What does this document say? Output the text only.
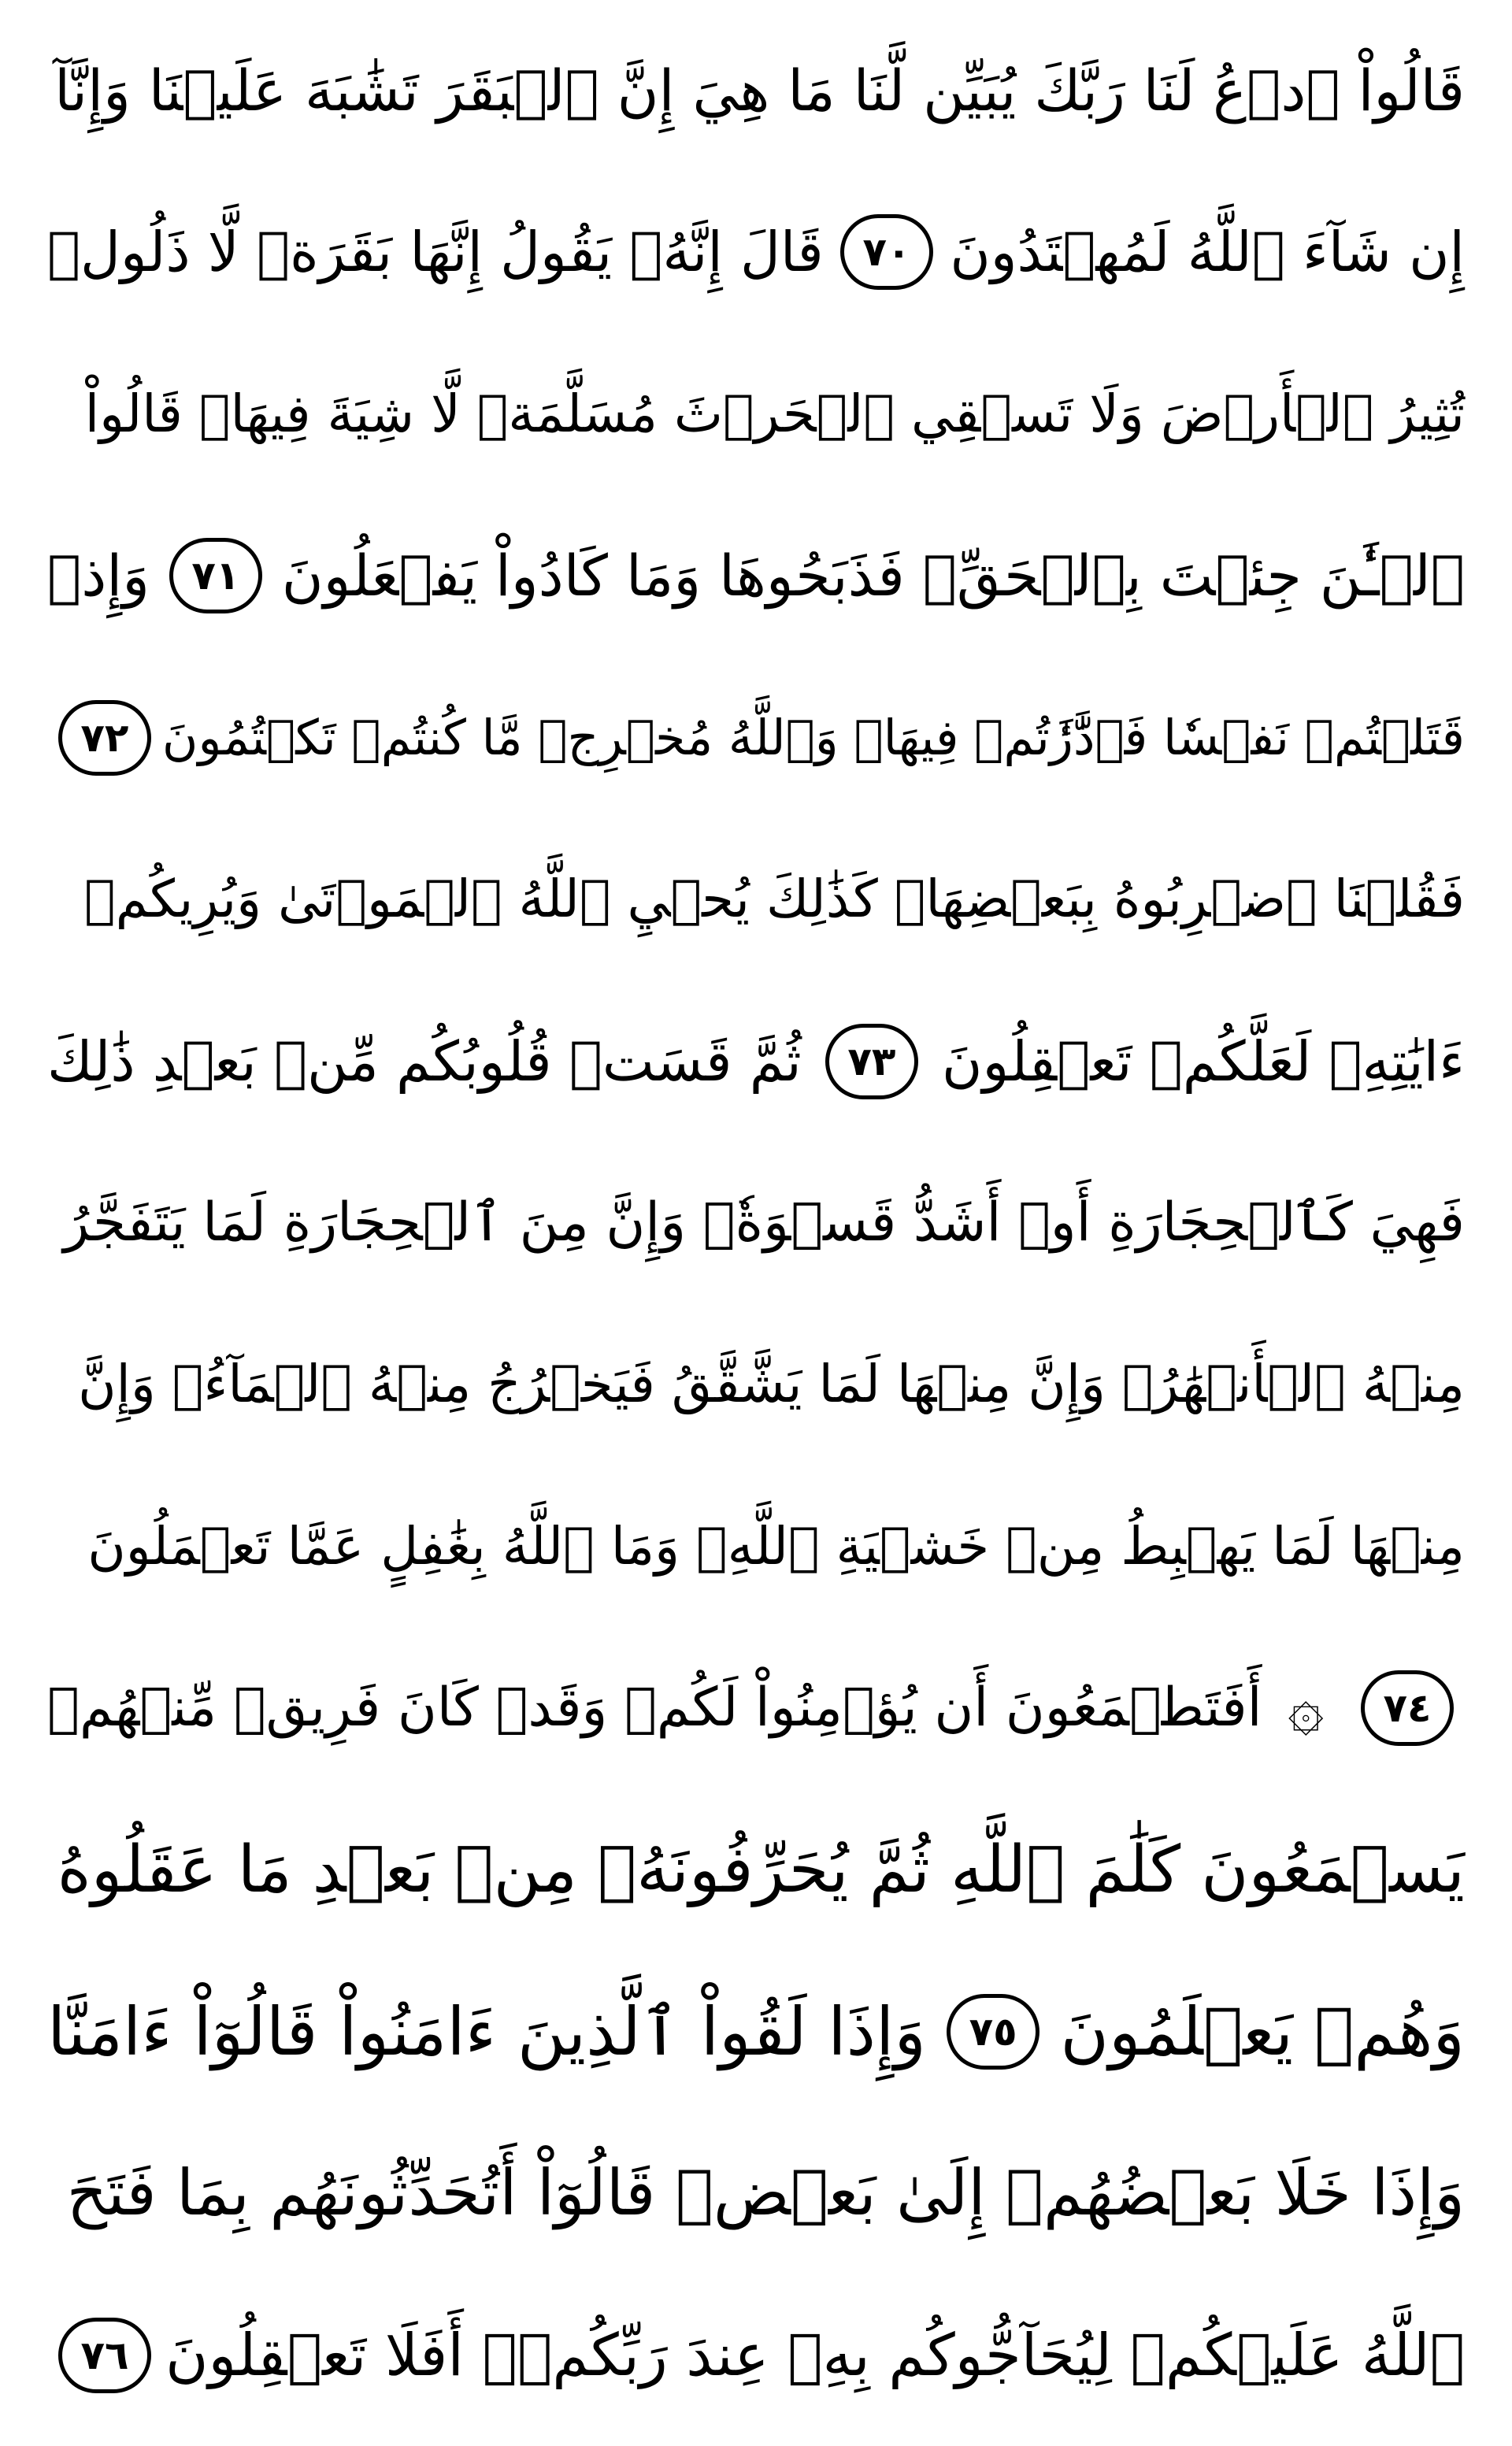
قَالُواْ ٱدۡعُ لَنَا رَبَّكَ يُبَيِّن لَّنَا مَا هِيَ إِنَّ ٱلۡبَقَرَ تَشَٰبَهَ عَلَيۡنَا وَإِنَّآ
إِن شَآءَ ٱللَّهُ لَمُهۡتَدُونَ
٧٠
قَالَ إِنَّهُۥ يَقُولُ إِنَّهَا بَقَرَةٞ لَّا ذَلُولٞ
تُثِيرُ ٱلۡأَرۡضَ وَلَا تَسۡقِي ٱلۡحَرۡثَ مُسَلَّمَةٞ لَّا شِيَةَ فِيهَاۚ قَالُواْ
ٱلۡـَٰٔنَ جِئۡتَ بِٱلۡحَقِّۚ فَذَبَحُوهَا وَمَا كَادُواْ يَفۡعَلُونَ
٧١
وَإِذۡ
قَتَلۡتُمۡ نَفۡسٗا فَٱدَّٰرَٰٔتُمۡ فِيهَاۖ وَٱللَّهُ مُخۡرِجٞ مَّا كُنتُمۡ تَكۡتُمُونَ
٧٢
فَقُلۡنَا ٱضۡرِبُوهُ بِبَعۡضِهَاۚ كَذَٰلِكَ يُحۡيِ ٱللَّهُ ٱلۡمَوۡتَىٰ وَيُرِيكُمۡ
ءَايَٰتِهِۦ لَعَلَّكُمۡ تَعۡقِلُونَ
٧٣
ثُمَّ قَسَتۡ قُلُوبُكُم مِّنۢ بَعۡدِ ذَٰلِكَ
فَهِيَ كَٱلۡحِجَارَةِ أَوۡ أَشَدُّ قَسۡوَةٗۚ وَإِنَّ مِنَ ٱلۡحِجَارَةِ لَمَا يَتَفَجَّرُ
مِنۡهُ ٱلۡأَنۡهَٰرُۚ وَإِنَّ مِنۡهَا لَمَا يَشَّقَّقُ فَيَخۡرُجُ مِنۡهُ ٱلۡمَآءُۚ وَإِنَّ
مِنۡهَا لَمَا يَهۡبِطُ مِنۡ خَشۡيَةِ ٱللَّهِۗ وَمَا ٱللَّهُ بِغَٰفِلٍ عَمَّا تَعۡمَلُونَ
٧٤
۞
أَفَتَطۡمَعُونَ أَن يُؤۡمِنُواْ لَكُمۡ وَقَدۡ كَانَ فَرِيقٞ مِّنۡهُمۡ
يَسۡمَعُونَ كَلَٰمَ ٱللَّهِ ثُمَّ يُحَرِّفُونَهُۥ مِنۢ بَعۡدِ مَا عَقَلُوهُ
وَهُمۡ يَعۡلَمُونَ
٧٥
وَإِذَا لَقُواْ ٱلَّذِينَ ءَامَنُواْ قَالُوٓاْ ءَامَنَّا
وَإِذَا خَلَا بَعۡضُهُمۡ إِلَىٰ بَعۡضٖ قَالُوٓاْ أَتُحَدِّثُونَهُم بِمَا فَتَحَ
ٱللَّهُ عَلَيۡكُمۡ لِيُحَآجُّوكُم بِهِۦ عِندَ رَبِّكُمۡۚ أَفَلَا تَعۡقِلُونَ
٧٦
